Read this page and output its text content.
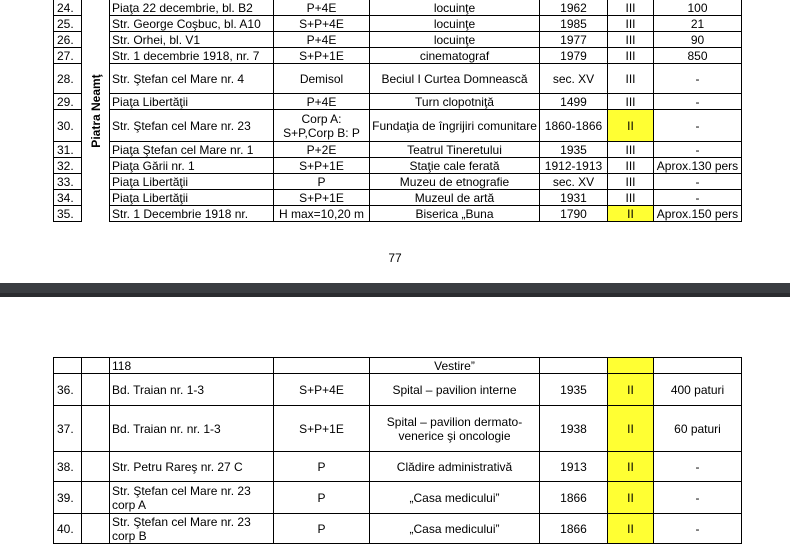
24.	Piatra Neamţ	Piaţa 22 decembrie, bl. B2	P+4E	locuinţe	1962	III	100
25.		Str. George Coşbuc, bl. A10	S+P+4E	locuinţe	1985	III	21
26.		Str. Orhei, bl. V1	P+4E	locuinţe	1977	III	90
27.		Str. 1 decembrie 1918, nr. 7	S+P+1E	cinematograf	1979	III	850
28.		Str. Ştefan cel Mare nr. 4	Demisol	Beciul I Curtea Domnească	sec. XV	III	-
29.		Piaţa Libertăţii	P+4E	Turn clopotniţă	1499	III	-
30.		Str. Ştefan cel Mare nr. 23	Corp A: S+P,Corp B: P	Fundaţia de îngrijiri comunitare	1860-1866	II	-
31.		Piaţa Ştefan cel Mare nr. 1	P+2E	Teatrul Tineretului	1935	III	-
32.		Piaţa Gării nr. 1	S+P+1E	Staţie cale ferată	1912-1913	III	Aprox.130 pers
33.		Piaţa Libertăţii	P	Muzeu de etnografie	sec. XV	III	-
34.		Piaţa Libertăţii	S+P+1E	Muzeul de artă	1931	III	-
35.		Str. 1 Decembrie 1918 nr.	H max=10,20 m	Biserica „Buna	1790	II	Aprox.150 pers
77
		118		Vestire”			
36.		Bd. Traian nr. 1-3	S+P+4E	Spital – pavilion interne	1935	II	400 paturi
37.		Bd. Traian nr. nr. 1-3	S+P+1E	Spital – pavilion dermato-venerice şi oncologie	1938	II	60 paturi
38.		Str. Petru Rareş nr. 27 C	P	Clădire administrativă	1913	II	-
39.		Str. Ştefan cel Mare nr. 23 corp A	P	„Casa medicului”	1866	II	-
40.		Str. Ştefan cel Mare nr. 23 corp B	P	„Casa medicului”	1866	II	-
